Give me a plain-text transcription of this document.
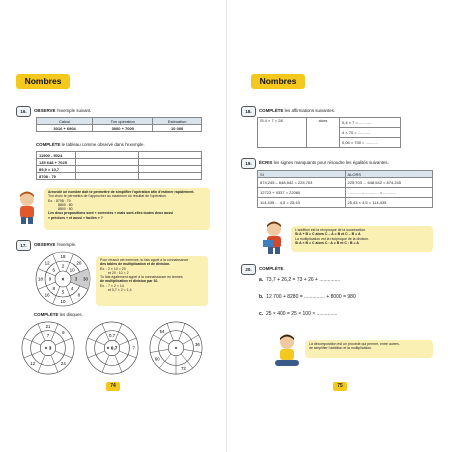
Nombres
16.	OBSERVE l'exemple suivant.
Calcul	Ton opération	Estimation
3016 + 6904	3000 + 7000	10 000
COMPLÈTE le tableau comme observé dans l'exemple.
11900 - 5024		
135 648 + 7025		
89,9 × 10,7		
8708 : 79		
Arrondir un nombre doit te permettre de simplifier l'opération afin d'estimer rapidement.
Ton choix te permettra de t'approcher au maximum du résultat de l'opération.
Ex. : 8708 : 79
8800 : 80
8800 : 80
Les deux propositions sont « correctes » mais sont-elles toutes deux aussi
« précises » et aussi « faciles » ?
17.	OBSERVE l'exemple.
×
2
18
10
20
3 30
4
8
5
10
8
16
9
18
6
12
Pour réussir cet exercice, tu fais appel à la connaissance
des tables de multiplication et de division.
Ex. : 2 × 10 = 20
et 20 : 10 = 2
Tu fais également appel à la connaissance en termes
de multiplication et division par 10.
Ex. : 7 × 2 = 14
et 0,7 × 2 = 1,4
COMPLÈTE les disques.
× 3
7
21
9
24
12
× 0,7
0,7
7	×
36
72
60
54
74
Nombres
18.	COMPLÈTE les affirmations suivantes.
Si 4 × 7 = 28	alors	0,4 × 7 = ...........
4 × 70 = ...........
0,04 × 700 = ...........
19.	ÉCRIS les signes manquants pour résoudre les égalités suivantes.
SI	ALORS
874,245 – 648,542 = 225,703	225,703 ... 648,542 = 874,245
12723 + 9337 = 22060	............ – ............ = ............
114,435 ... 4,5 = 25,43	25,43 × 4,5 = 114,435
L'addition est la réciproque de la soustraction.
Si A + B = C alors C – A = B et C – B = A
La multiplication est la réciproque de la division.
Si A × B = C alors C : A = B et C : B = A
20.	COMPLÈTE.
a. 73,7 + 26,2 = 73 + 26 + ...............
b. 12 700 + 8280 = ............... + 8000 = 980
c. 25 × 400 = 25 × 100 × ...............
La décomposition est un procédé qui permet, entre autres,
de simplifier l'addition et la multiplication.
75
